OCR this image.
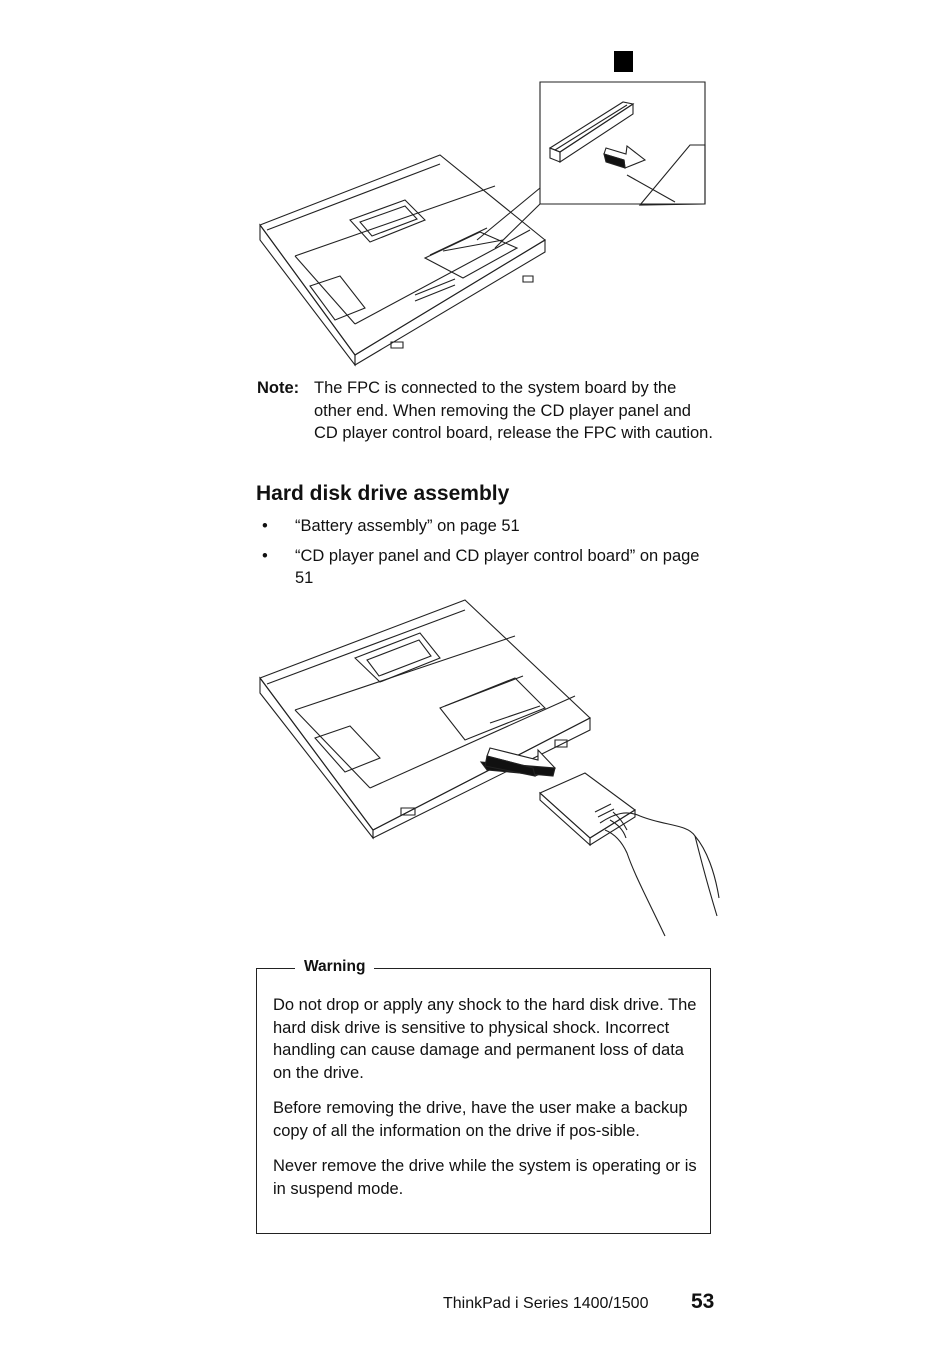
Note: The FPC is connected to the system board by the other end. When removing the CD player panel and CD player control board, release the FPC with caution.
Hard disk drive assembly
• “Battery assembly” on page 51
• “CD player panel and CD player control board” on page 51
Warning

Do not drop or apply any shock to the hard disk drive. The hard disk drive is sensitive to physical shock. Incorrect handling can cause damage and permanent loss of data on the drive.

Before removing the drive, have the user make a backup copy of all the information on the drive if pos-sible.

Never remove the drive while the system is operating or is in suspend mode.

ThinkPad i Series 1400/1500 53
